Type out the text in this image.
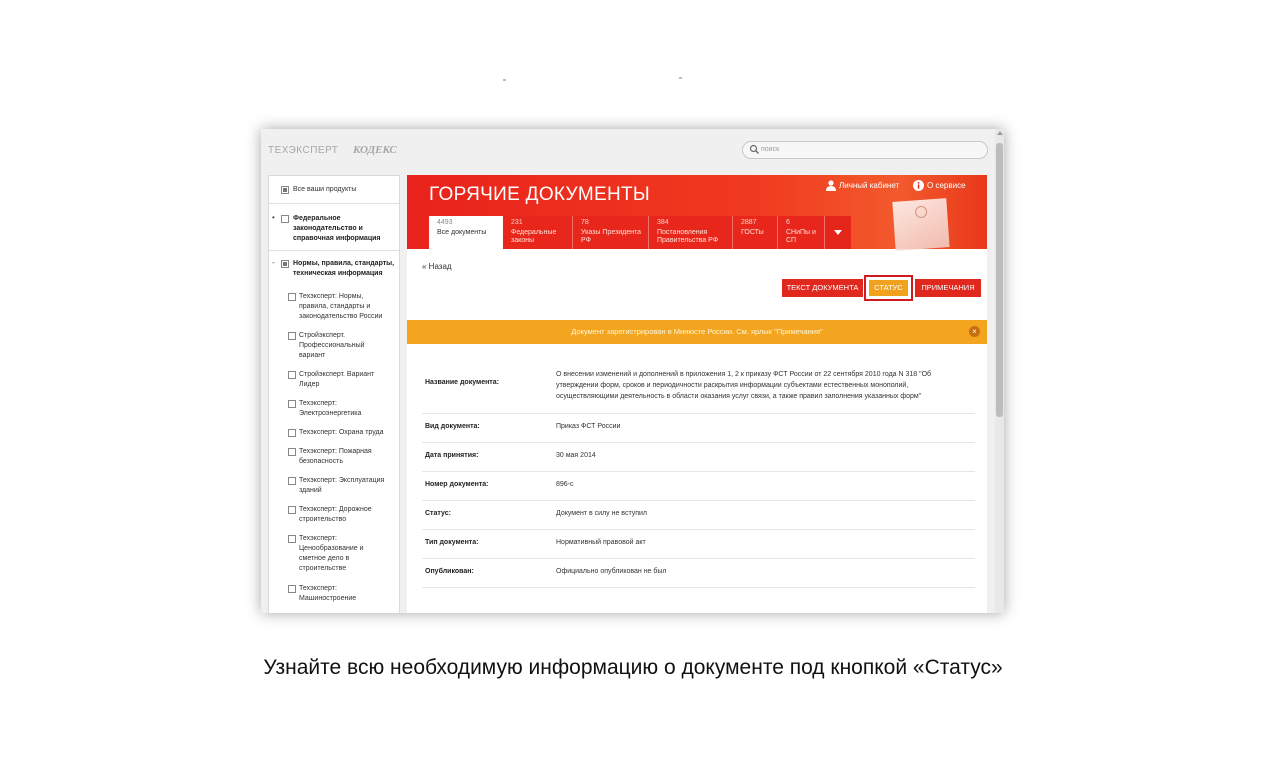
ТЕХЭКСПЕРТ КОДЕКС
поиск
Все ваши продукты
•	Федеральное законодательство и справочная информация
-	Нормы, правила, стандарты, техническая информация
Техэксперт: Нормы, правила, стандарты и законодательство России
Стройэксперт. Профессиональный вариант
Стройэксперт. Вариант Лидер
Техэксперт: Электроэнергетика
Техэксперт: Охрана труда
Техэксперт: Пожарная безопасность
Техэксперт: Эксплуатация зданий
Техэксперт: Дорожное строительство
Техэксперт: Ценообразование и сметное дело в строительстве
Техэксперт: Машиностроение
ГОРЯЧИЕ ДОКУМЕНТЫ	Личный кабинет	О сервисе
4493
Все документы
231
Федеральные законы
78
Указы Президента РФ
384
Постановления Правительства РФ
2887
ГОСТы
6
СНиПы и СП
« Назад
ТЕКСТ ДОКУМЕНТА	СТАТУС	ПРИМЕЧАНИЯ
Документ зарегистрирован в Минюсте России. См. ярлык "Примечания"	×
Название документа:
О внесении изменений и дополнений в приложения 1, 2 к приказу ФСТ России от 22 сентября 2010 года N 318 "Об утверждении форм, сроков и периодичности раскрытия информации субъектами естественных монополий, осуществляющими деятельность в области оказания услуг связи, а также правил заполнения указанных форм"
Вид документа:	Приказ ФСТ России
Дата принятия:	30 мая 2014
Номер документа:	896-с
Статус:	Документ в силу не вступил
Тип документа:	Нормативный правовой акт
Опубликован:	Официально опубликован не был
Узнайте всю необходимую информацию о документе под кнопкой «Статус»
